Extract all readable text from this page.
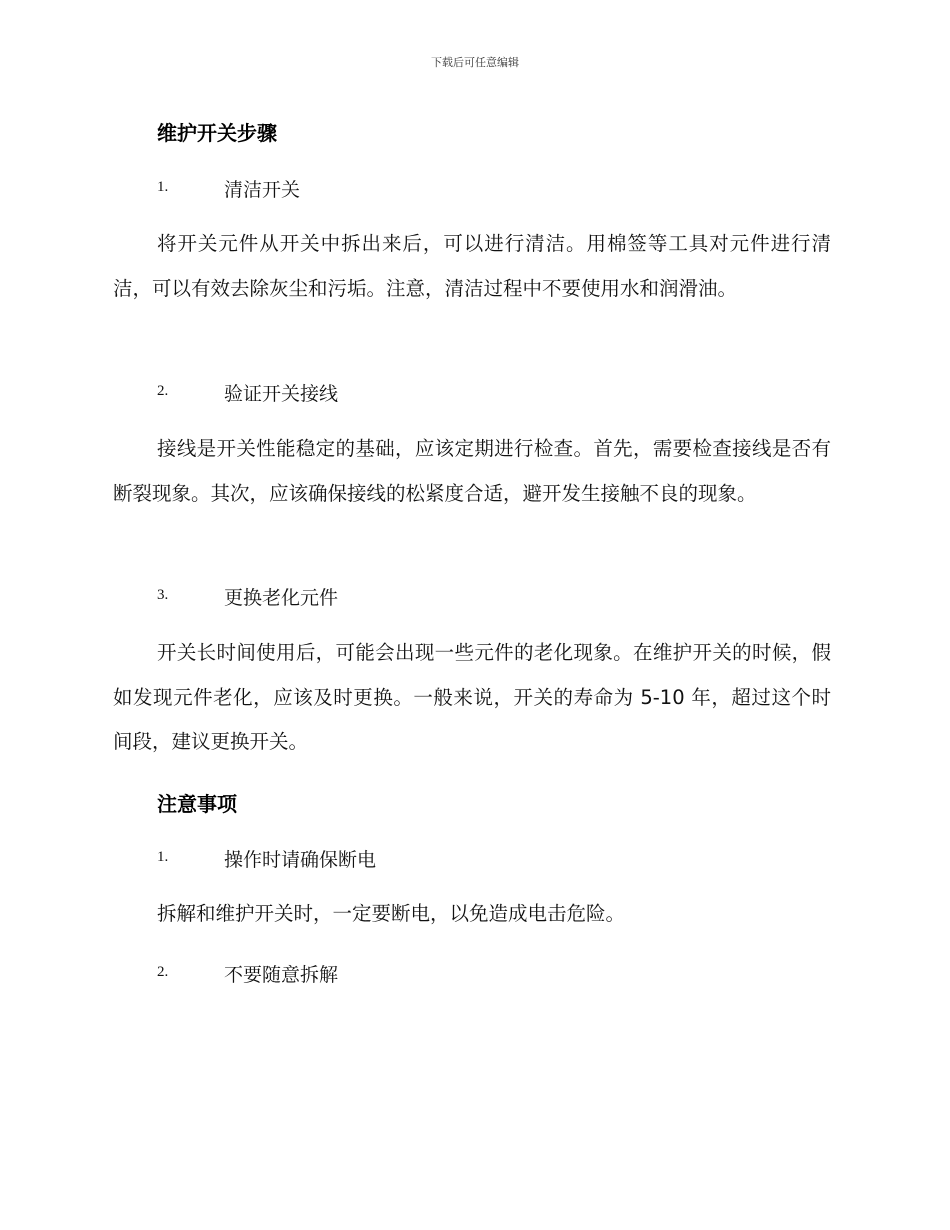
下载后可任意编辑
维护开关步骤
1.	清洁开关
将开关元件从开关中拆出来后，可以进行清洁。用棉签等工具对元件进行清洁，可以有效去除灰尘和污垢。注意，清洁过程中不要使用水和润滑油。
2.	验证开关接线
接线是开关性能稳定的基础，应该定期进行检查。首先，需要检查接线是否有断裂现象。其次，应该确保接线的松紧度合适，避开发生接触不良的现象。
3.	更换老化元件
开关长时间使用后，可能会出现一些元件的老化现象。在维护开关的时候，假如发现元件老化，应该及时更换。一般来说，开关的寿命为 5-10 年，超过这个时间段，建议更换开关。
注意事项
1.	操作时请确保断电
拆解和维护开关时，一定要断电，以免造成电击危险。
2.	不要随意拆解
